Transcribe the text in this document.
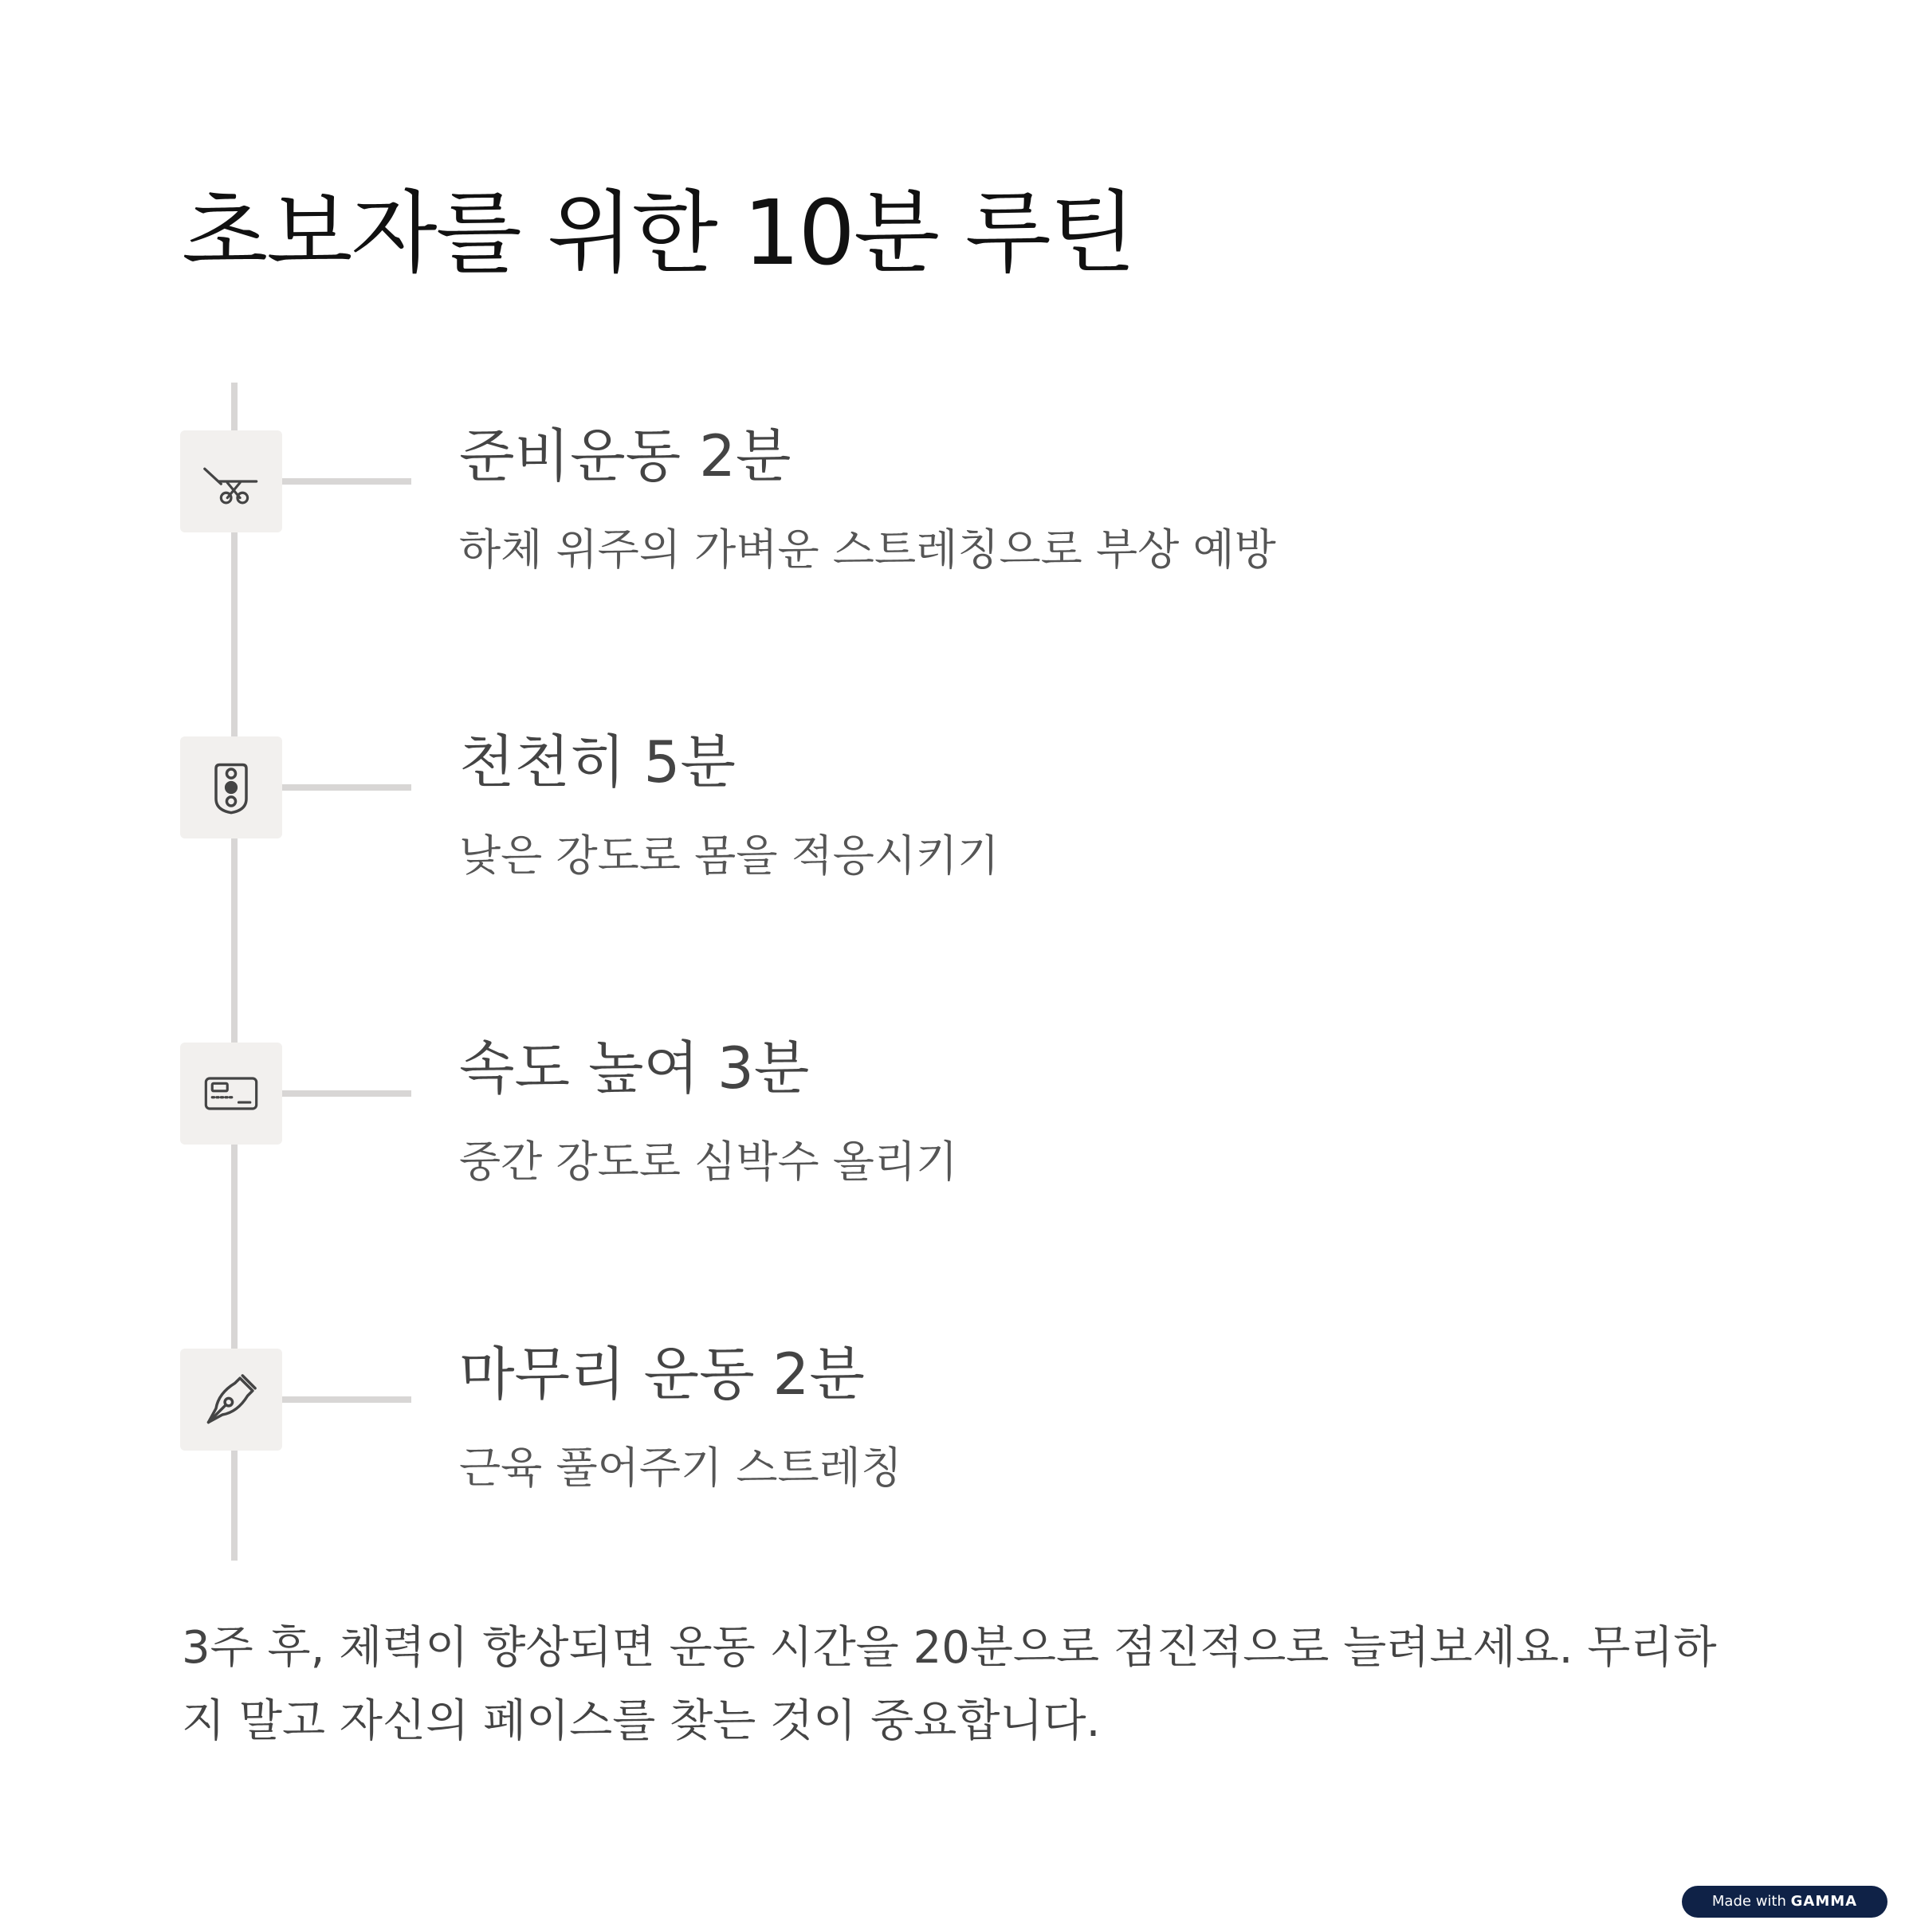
초보자를 위한 10분 루틴
준비운동 2분

하체 위주의 가벼운 스트레칭으로 부상 예방

천천히 5분

낮은 강도로 몸을 적응시키기

속도 높여 3분

중간 강도로 심박수 올리기

마무리 운동 2분

근육 풀어주기 스트레칭

3주 후, 체력이 향상되면 운동 시간을 20분으로 점진적으로 늘려보세요. 무리하지 말고 자신의 페이스를 찾는 것이 중요합니다.

Made with GAMMA
